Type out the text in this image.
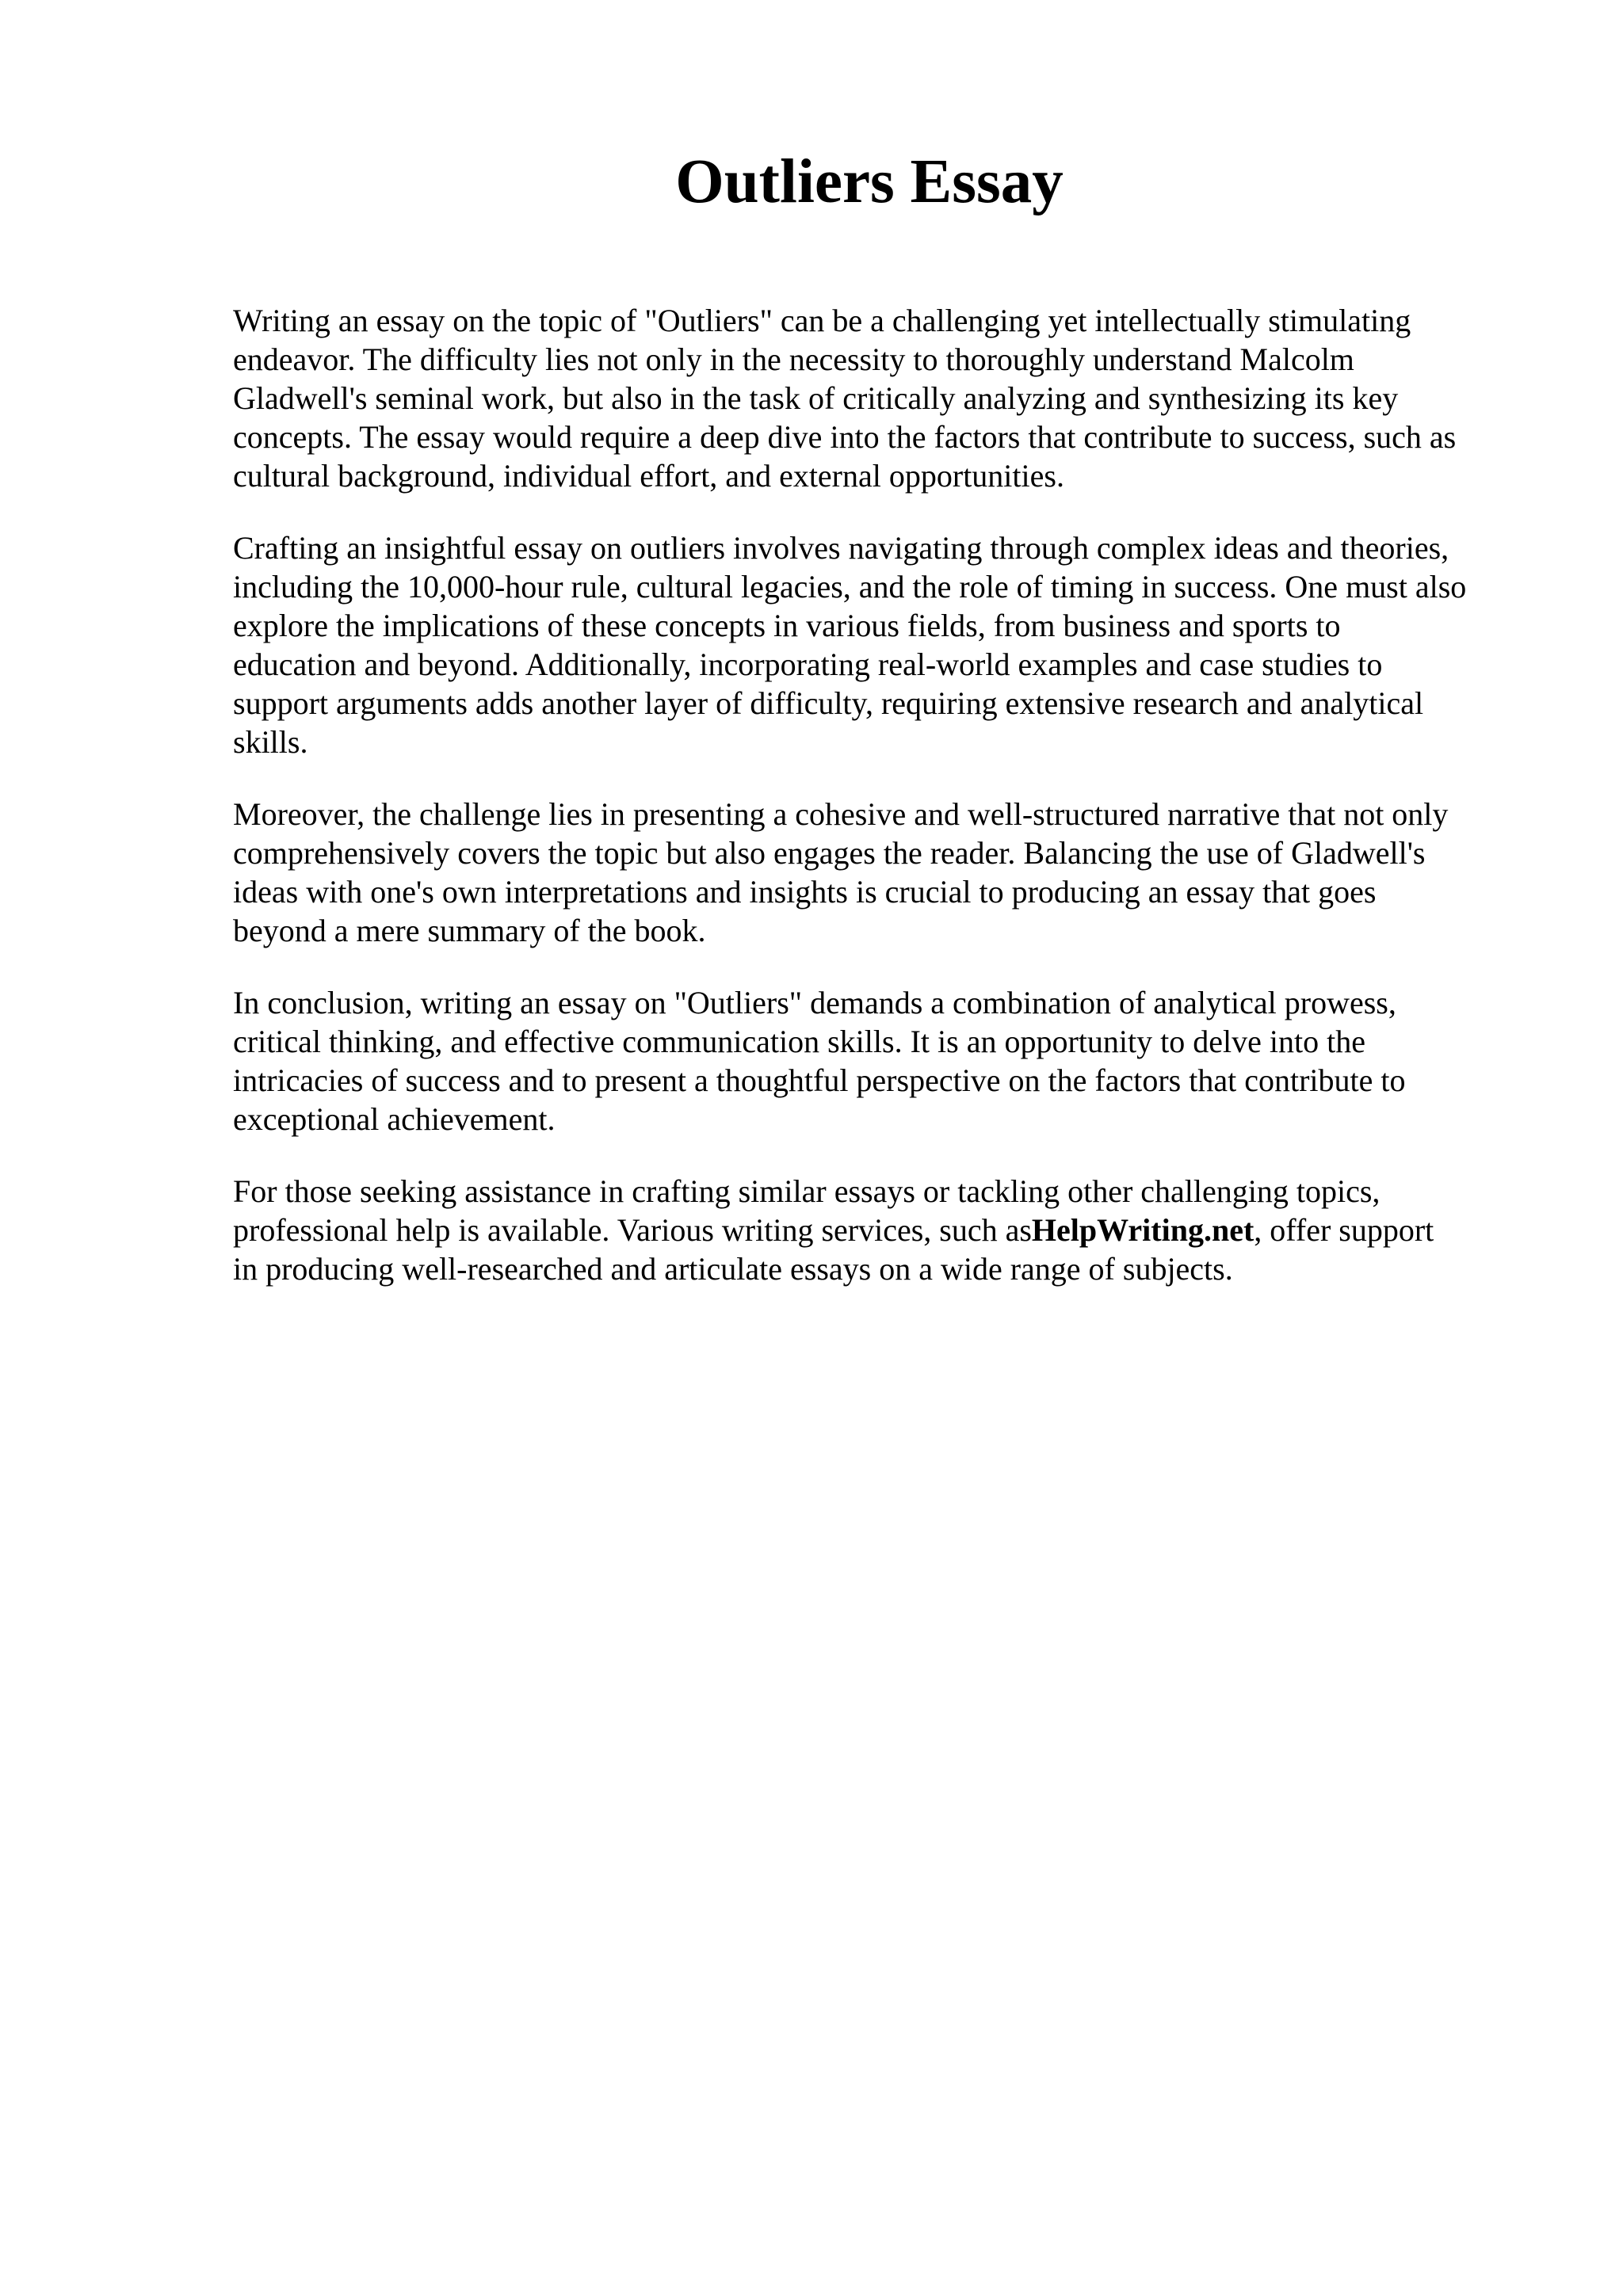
Outliers Essay

Writing an essay on the topic of "Outliers" can be a challenging yet intellectually stimulating
endeavor. The difficulty lies not only in the necessity to thoroughly understand Malcolm
Gladwell's seminal work, but also in the task of critically analyzing and synthesizing its key
concepts. The essay would require a deep dive into the factors that contribute to success, such as
cultural background, individual effort, and external opportunities.

Crafting an insightful essay on outliers involves navigating through complex ideas and theories,
including the 10,000-hour rule, cultural legacies, and the role of timing in success. One must also
explore the implications of these concepts in various fields, from business and sports to
education and beyond. Additionally, incorporating real-world examples and case studies to
support arguments adds another layer of difficulty, requiring extensive research and analytical
skills.

Moreover, the challenge lies in presenting a cohesive and well-structured narrative that not only
comprehensively covers the topic but also engages the reader. Balancing the use of Gladwell's
ideas with one's own interpretations and insights is crucial to producing an essay that goes
beyond a mere summary of the book.

In conclusion, writing an essay on "Outliers" demands a combination of analytical prowess,
critical thinking, and effective communication skills. It is an opportunity to delve into the
intricacies of success and to present a thoughtful perspective on the factors that contribute to
exceptional achievement.

For those seeking assistance in crafting similar essays or tackling other challenging topics,
professional help is available. Various writing services, such asHelpWriting.net, offer support
in producing well-researched and articulate essays on a wide range of subjects.
